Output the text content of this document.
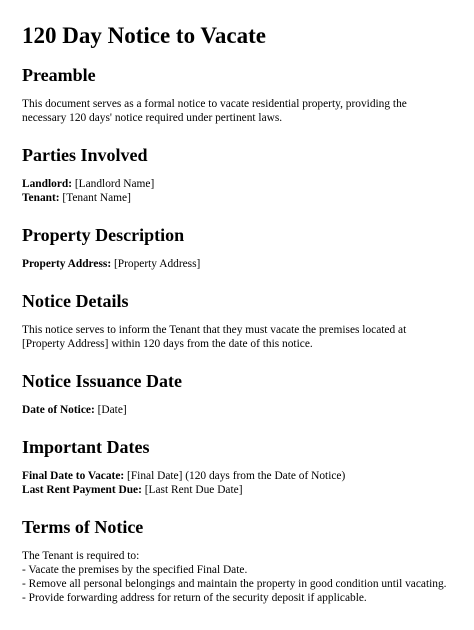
120 Day Notice to Vacate
Preamble

This document serves as a formal notice to vacate residential property, providing the necessary 120 days' notice required under pertinent laws.

Parties Involved

Landlord: [Landlord Name]
Tenant: [Tenant Name]

Property Description

Property Address: [Property Address]

Notice Details

This notice serves to inform the Tenant that they must vacate the premises located at [Property Address] within 120 days from the date of this notice.

Notice Issuance Date

Date of Notice: [Date]

Important Dates

Final Date to Vacate: [Final Date] (120 days from the Date of Notice)
Last Rent Payment Due: [Last Rent Due Date]

Terms of Notice

The Tenant is required to:
- Vacate the premises by the specified Final Date.
- Remove all personal belongings and maintain the property in good condition until vacating.
- Provide forwarding address for return of the security deposit if applicable.
